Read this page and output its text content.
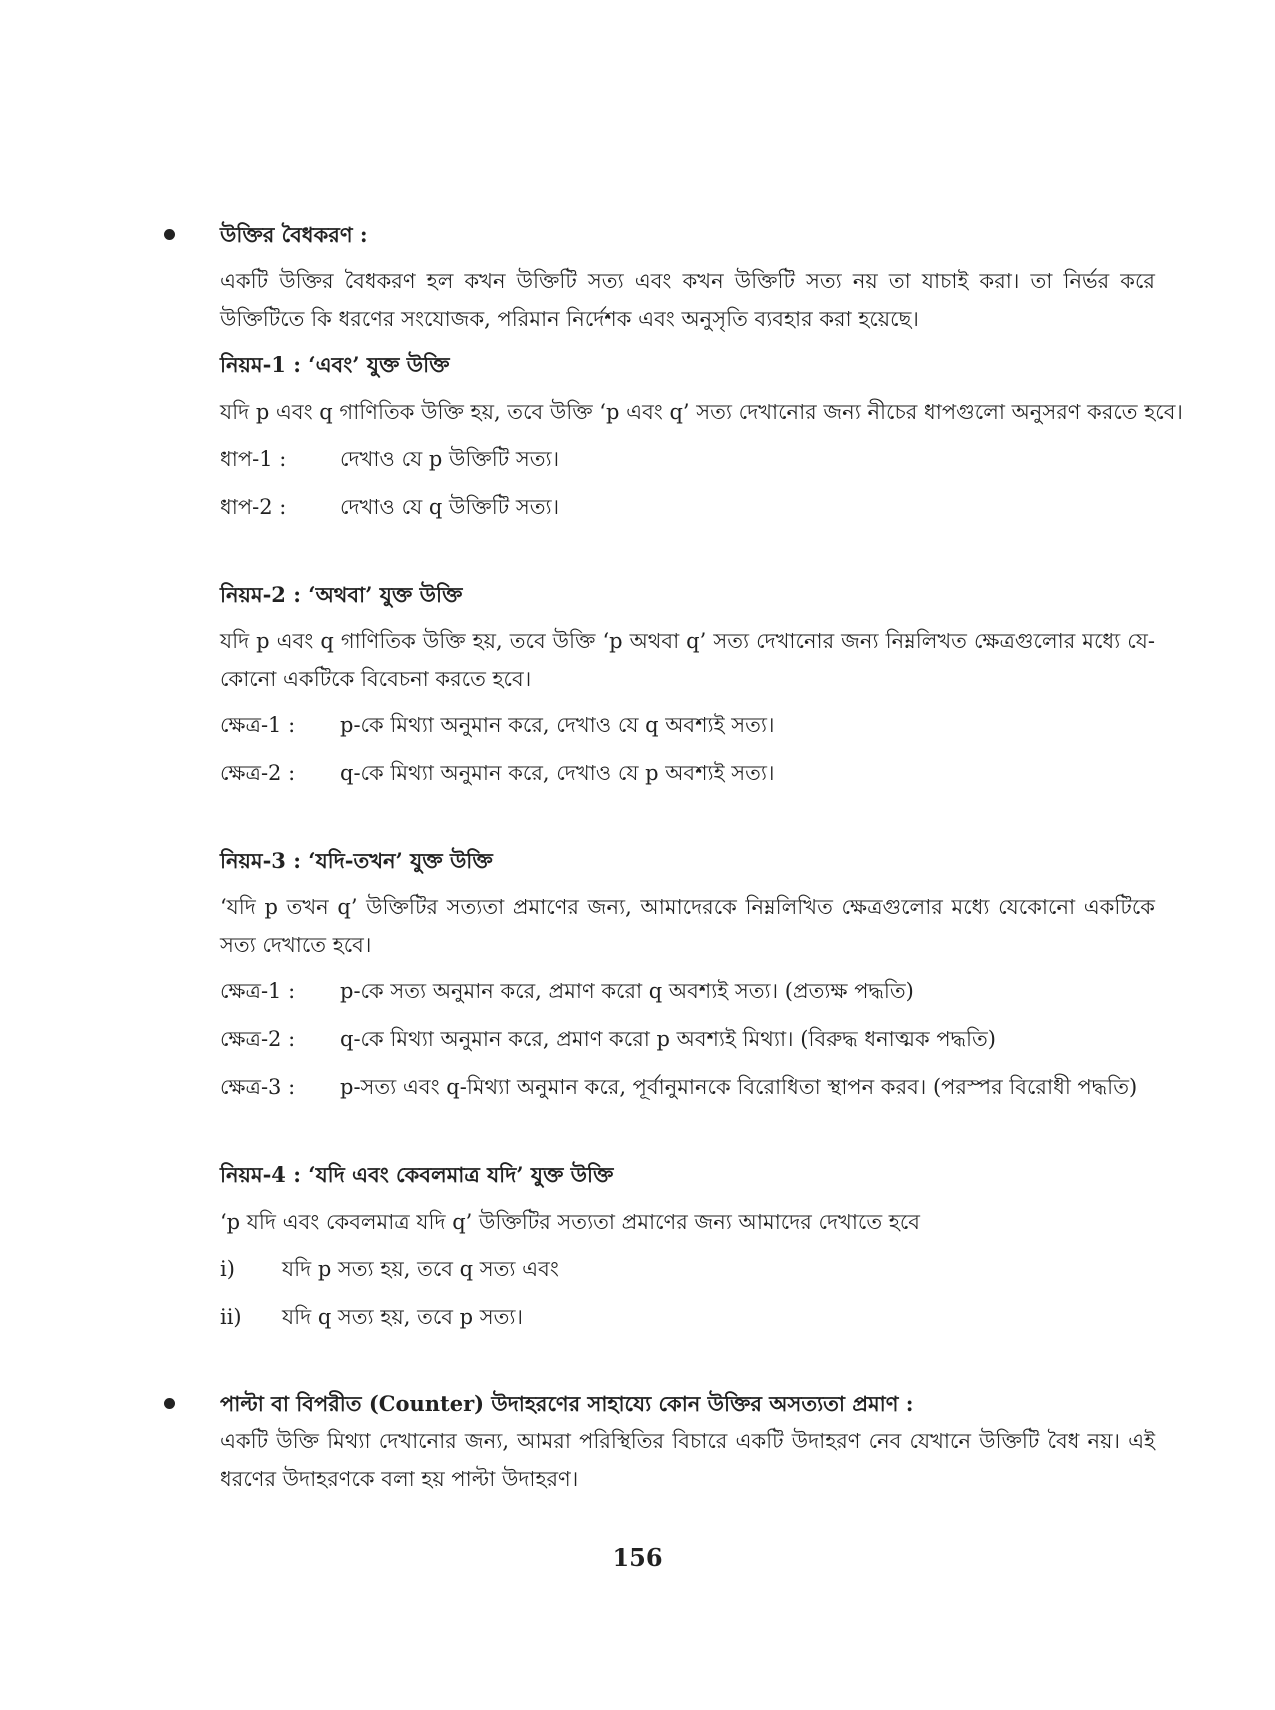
উক্তির বৈধকরণ :
একটি উক্তির বৈধকরণ হল কখন উক্তিটি সত্য এবং কখন উক্তিটি সত্য নয় তা যাচাই করা। তা নির্ভর করে উক্তিটিতে কি ধরণের সংযোজক, পরিমান নির্দেশক এবং অনুসৃতি ব্যবহার করা হয়েছে।
নিয়ম-1 : ‘এবং’ যুক্ত উক্তি
যদি p এবং q গাণিতিক উক্তি হয়, তবে উক্তি ‘p এবং q’ সত্য দেখানোর জন্য নীচের ধাপগুলো অনুসরণ করতে হবে।
ধাপ-1 :	দেখাও যে p উক্তিটি সত্য।
ধাপ-2 :	দেখাও যে q উক্তিটি সত্য।
নিয়ম-2 : ‘অথবা’ যুক্ত উক্তি
যদি p এবং q গাণিতিক উক্তি হয়, তবে উক্তি ‘p অথবা q’ সত্য দেখানোর জন্য নিম্নলিখত ক্ষেত্রগুলোর মধ্যে যে-কোনো একটিকে বিবেচনা করতে হবে।
ক্ষেত্র-1 : p-কে মিথ্যা অনুমান করে, দেখাও যে q অবশ্যই সত্য।
ক্ষেত্র-2 : q-কে মিথ্যা অনুমান করে, দেখাও যে p অবশ্যই সত্য।
নিয়ম-3 : ‘যদি-তখন’ যুক্ত উক্তি
‘যদি p তখন q’ উক্তিটির সত্যতা প্রমাণের জন্য, আমাদেরকে নিম্নলিখিত ক্ষেত্রগুলোর মধ্যে যেকোনো একটিকে সত্য দেখাতে হবে।
ক্ষেত্র-1 : p-কে সত্য অনুমান করে, প্রমাণ করো q অবশ্যই সত্য। (প্রত্যক্ষ পদ্ধতি)
ক্ষেত্র-2 : q-কে মিথ্যা অনুমান করে, প্রমাণ করো p অবশ্যই মিথ্যা। (বিরুদ্ধ ধনাত্মক পদ্ধতি)
ক্ষেত্র-3 : p-সত্য এবং q-মিথ্যা অনুমান করে, পূর্বানুমানকে বিরোধিতা স্থাপন করব। (পরস্পর বিরোধী পদ্ধতি)
নিয়ম-4 : ‘যদি এবং কেবলমাত্র যদি’ যুক্ত উক্তি
‘p যদি এবং কেবলমাত্র যদি q’ উক্তিটির সত্যতা প্রমাণের জন্য আমাদের দেখাতে হবে
i) যদি p সত্য হয়, তবে q সত্য এবং
ii) যদি q সত্য হয়, তবে p সত্য।
পাল্টা বা বিপরীত (Counter) উদাহরণের সাহায্যে কোন উক্তির অসত্যতা প্রমাণ :
একটি উক্তি মিথ্যা দেখানোর জন্য, আমরা পরিস্থিতির বিচারে একটি উদাহরণ নেব যেখানে উক্তিটি বৈধ নয়। এই ধরণের উদাহরণকে বলা হয় পাল্টা উদাহরণ।
156
